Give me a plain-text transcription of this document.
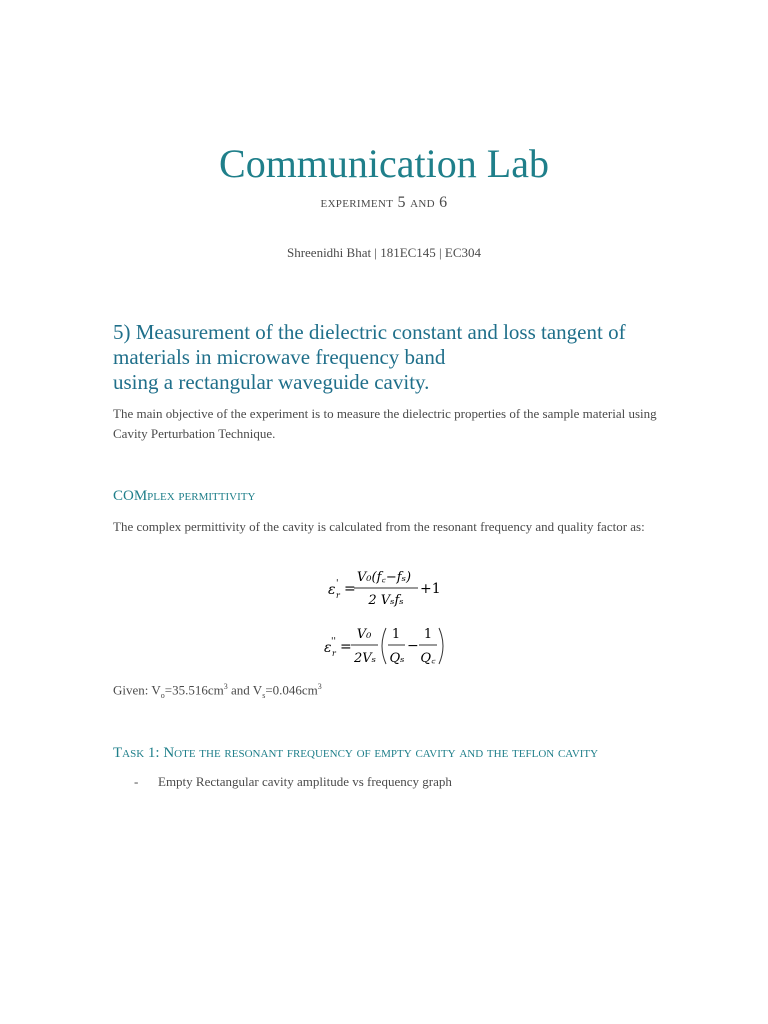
Communication Lab
experiment 5 and 6
Shreenidhi Bhat | 181EC145 | EC304
5) Measurement of the dielectric constant and loss tangent of
materials in microwave frequency band
using a rectangular waveguide cavity.
The main objective of the experiment is to measure the dielectric properties of the sample material using Cavity Perturbation Technique.
COMplex permittivity
The complex permittivity of the cavity is calculated from the resonant frequency and quality factor as:
ε r
' =
V₀(f꜀−fₛ)
2 Vₛfₛ
+1
ε r
'' =
V₀
2Vₛ
1
Qₛ
−
1
Q꜀
Given: $V_o=35.516cm^3$ and $V_s=0.046cm^3$
Task 1: Note the resonant frequency of empty cavity and the teflon cavity
- Empty Rectangular cavity amplitude vs frequency graph
